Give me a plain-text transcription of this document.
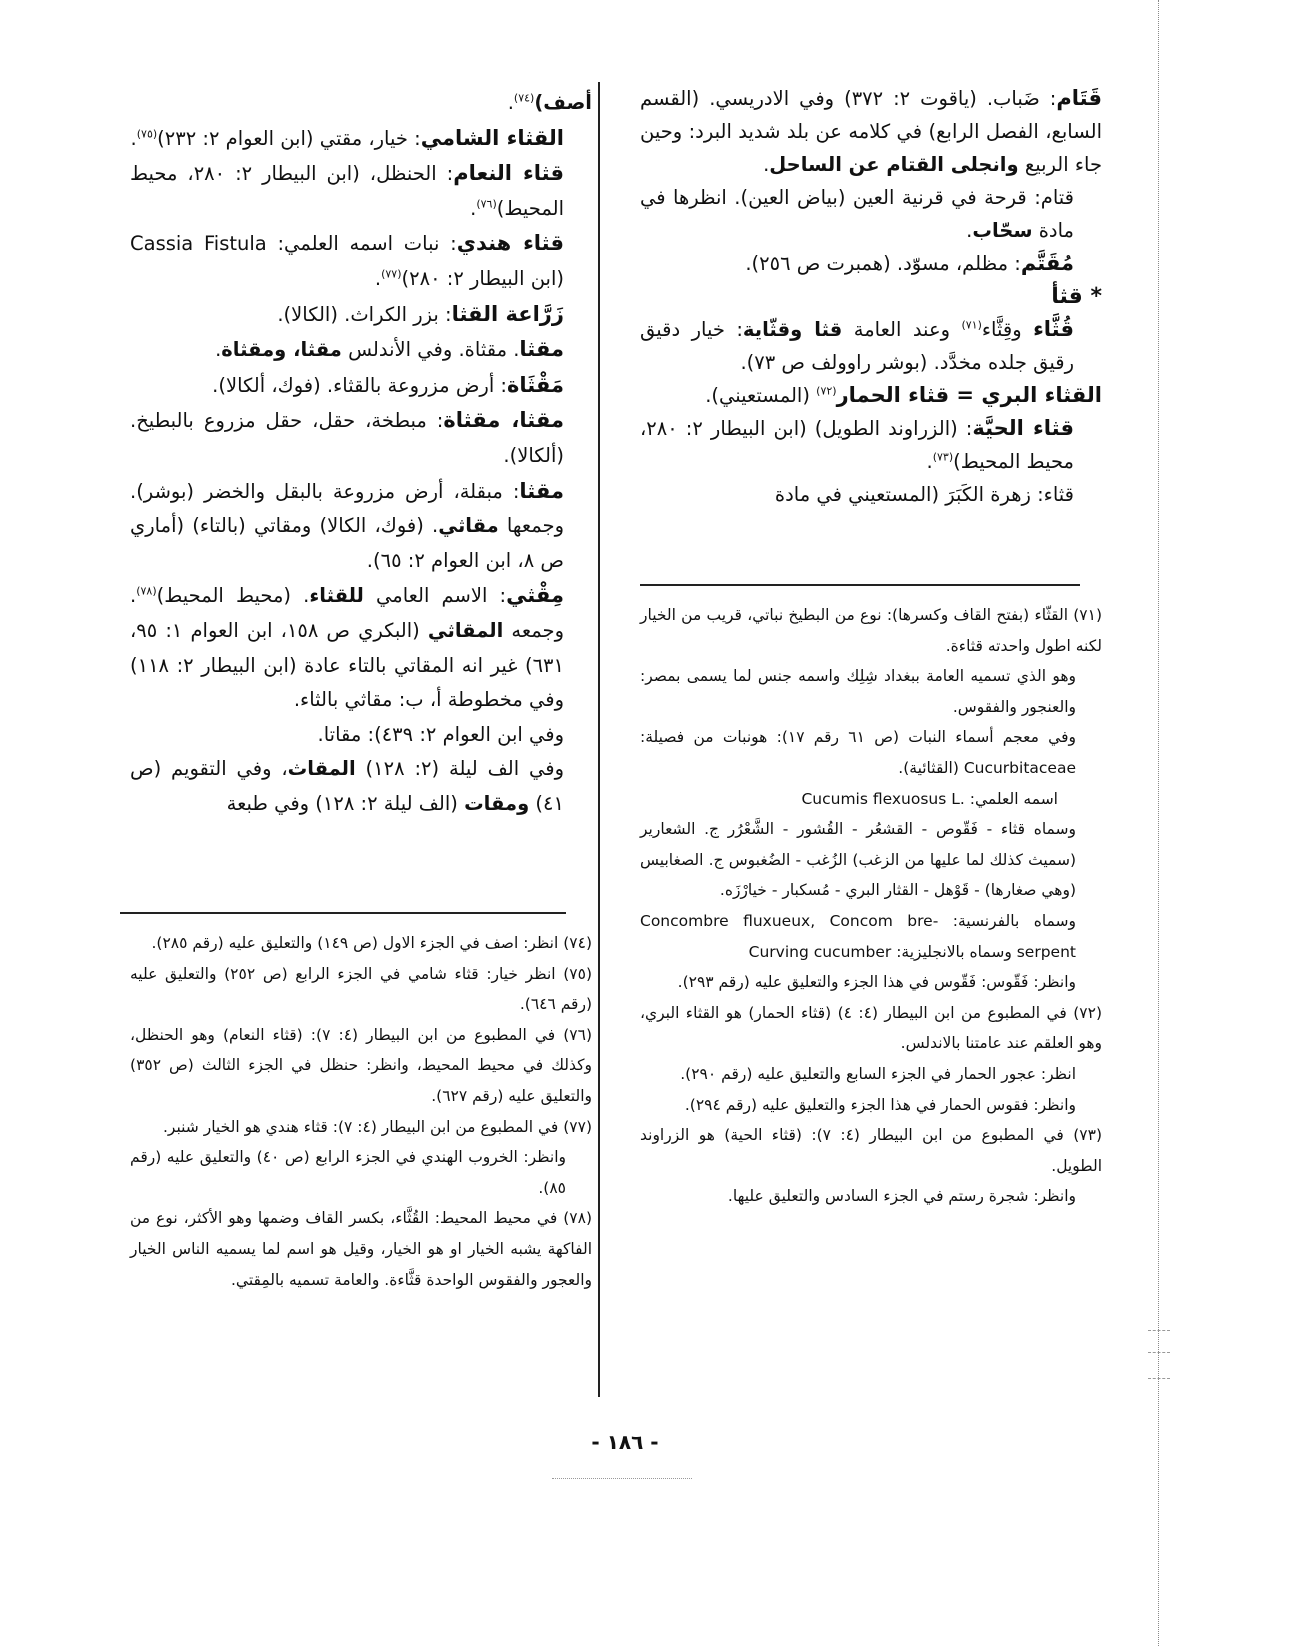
قَتَام: ضَباب. (ياقوت ٢: ٣٧٢) وفي الادريسي. (القسم السابع، الفصل الرابع) في كلامه عن بلد شديد البرد: وحين جاء الربيع وانجلى القتام عن الساحل.

قتام: قرحة في قرنية العين (بياض العين). انظرها في مادة سحّاب.

مُقَتَّم: مظلم، مسوّد. (همبرت ص ٢٥٦).

* قثأ

قُثَّاء وقِثَّاء$^{(٧١)}$ وعند العامة قثا وقثّاية: خيار دقيق رقيق جلده مخدَّد. (بوشر راوولف ص ٧٣).

القثاء البري = قثاء الحمار$^{(٧٢)}$ (المستعيني).

قثاء الحيَّة: (الزراوند الطويل) (ابن البيطار ٢: ٢٨٠، محيط المحيط)$^{(٧٣)}$.

قثاء: زهرة الكَبَرَ (المستعيني في مادة

(٧١) القثّاء (بفتح القاف وكسرها): نوع من البطيخ نباتي، قريب من الخيار لكنه اطول واحدته قثاءة.

وهو الذي تسميه العامة ببغداد شِلِك واسمه جنس لما يسمى بمصر: والعنجور والفقوس.

وفي معجم أسماء النبات (ص ٦١ رقم ١٧): هونبات من فصيلة: Cucurbitaceae (القثائية).

اسمه العلمي: .Cucumis flexuosus L

وسماه قثاء - فَقّوص - القشعُر - القُشور - الشَّعْرُر ج. الشعارير (سميث كذلك لما عليها من الزغب) الزُغب - الضُغبوس ج. الصغابيس (وهي صغارها) - قَوْهل - القثار البري - مُسكبار - خيارْزَه.

وسماه بالفرنسية: -Concombre fluxueux, Concom bre serpent وسماه بالانجليزية: Curving cucumber

وانظر: فَقّوس: فَقّوس في هذا الجزء والتعليق عليه (رقم ٢٩٣).

(٧٢) في المطبوع من ابن البيطار (٤: ٤) (قثاء الحمار) هو القثاء البري، وهو العلقم عند عامتنا بالاندلس.

انظر: عجور الحمار في الجزء السابع والتعليق عليه (رقم ٢٩٠).

وانظر: فقوس الحمار في هذا الجزء والتعليق عليه (رقم ٢٩٤).

(٧٣) في المطبوع من ابن البيطار (٤: ٧): (قثاء الحية) هو الزراوند الطويل.

وانظر: شجرة رستم في الجزء السادس والتعليق عليها.

أصف)$^{(٧٤)}$.

القثاء الشامي: خيار، مقتي (ابن العوام ٢: ٢٣٢)$^{(٧٥)}$.

قثاء النعام: الحنظل، (ابن البيطار ٢: ٢٨٠، محيط المحيط)$^{(٧٦)}$.

قثاء هندي: نبات اسمه العلمي: Cassia Fistula (ابن البيطار ٢: ٢٨٠)$^{(٧٧)}$.

زَرَّاعة القثا: بزر الكراث. (الكالا).

مقثا. مقثاة. وفي الأندلس مقثا، ومقثاة.

مَقْثَاة: أرض مزروعة بالقثاء. (فوك، ألكالا).

مقثا، مقثاة: مبطخة، حقل، حقل مزروع بالبطيخ. (ألكالا).

مقثا: مبقلة، أرض مزروعة بالبقل والخضر (بوشر). وجمعها مقاثي. (فوك، الكالا) ومقاتي (بالتاء) (أماري ص ٨، ابن العوام ٢: ٦٥).

مِقْثي: الاسم العامي للقثاء. (محيط المحيط)$^{(٧٨)}$. وجمعه المقاثي (البكري ص ١٥٨، ابن العوام ١: ٩٥، ٦٣١) غير انه المقاتي بالتاء عادة (ابن البيطار ٢: ١١٨) وفي مخطوطة أ، ب: مقاثي بالثاء.

وفي ابن العوام ٢: ٤٣٩): مقاتا.

وفي الف ليلة (٢: ١٢٨) المقاث، وفي التقويم (ص ٤١) ومقات (الف ليلة ٢: ١٢٨) وفي طبعة

(٧٤) انظر: اصف في الجزء الاول (ص ١٤٩) والتعليق عليه (رقم ٢٨٥).

(٧٥) انظر خيار: قثاء شامي في الجزء الرابع (ص ٢٥٢) والتعليق عليه (رقم ٦٤٦).

(٧٦) في المطبوع من ابن البيطار (٤: ٧): (قثاء النعام) وهو الحنظل، وكذلك في محيط المحيط، وانظر: حنظل في الجزء الثالث (ص ٣٥٢) والتعليق عليه (رقم ٦٢٧).

(٧٧) في المطبوع من ابن البيطار (٤: ٧): قثاء هندي هو الخيار شنبر.

وانظر: الخروب الهندي في الجزء الرابع (ص ٤٠) والتعليق عليه (رقم ٨٥).

(٧٨) في محيط المحيط: القُثَّاء، بكسر القاف وضمها وهو الأكثر، نوع من الفاكهة يشبه الخيار او هو الخيار، وقيل هو اسم لما يسميه الناس الخيار والعجور والفقوس الواحدة قثَّاءة. والعامة تسميه بالمِقتي.

- ١٨٦ -
